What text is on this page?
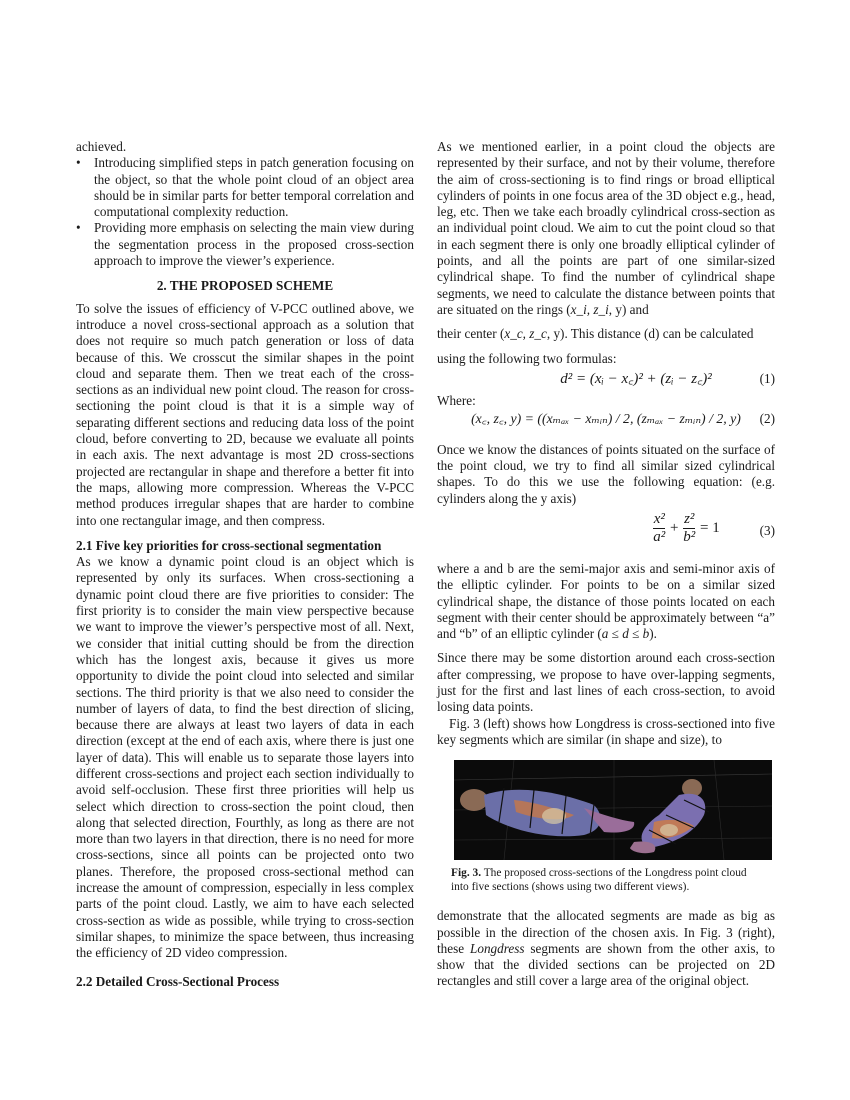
achieved.

• Introducing simplified steps in patch generation focusing on the object, so that the whole point cloud of an object area should be in similar parts for better temporal correlation and computational complexity reduction.
• Providing more emphasis on selecting the main view during the segmentation process in the proposed cross-section approach to improve the viewer’s experience.
2. THE PROPOSED SCHEME

To solve the issues of efficiency of V-PCC outlined above, we introduce a novel cross-sectional approach as a solution that does not require so much patch generation or loss of data because of this. We crosscut the similar shapes in the point cloud and separate them. Then we treat each of the cross-sections as an individual new point cloud. The reason for cross-sectioning the point cloud is that it is a simple way of separating different sections and reducing data loss of the point cloud, before converting to 2D, because we evaluate all points in each axis. The next advantage is most 2D cross-sections projected are rectangular in shape and therefore a better fit into the maps, allowing more compression. Whereas the V-PCC method produces irregular shapes that are harder to combine into one rectangular image, and then compress.

2.1 Five key priorities for cross-sectional segmentation

As we know a dynamic point cloud is an object which is represented by only its surfaces. When cross-sectioning a dynamic point cloud there are five priorities to consider: The first priority is to consider the main view perspective because we want to improve the viewer’s perspective most of all. Next, we consider that initial cutting should be from the direction which has the longest axis, because it gives us more opportunity to divide the point cloud into selected and similar sections. The third priority is that we also need to consider the number of layers of data, to find the best direction of slicing, because there are always at least two layers of data in each direction (except at the end of each axis, where there is just one layer of data). This will enable us to separate those layers into different cross-sections and project each section individually to avoid self-occlusion. These first three priorities will help us select which direction to cross-section the point cloud, then along that selected direction, Fourthly, as long as there are not more than two layers in that direction, there is no need for more cross-sections, since all points can be projected onto two planes. Therefore, the proposed cross-sectional method can increase the amount of compression, especially in less complex parts of the point cloud. Lastly, we aim to have each selected cross-section as wide as possible, while trying to cross-section similar shapes, to minimize the space between, thus increasing the efficiency of 2D video compression.

2.2 Detailed Cross-Sectional Process

As we mentioned earlier, in a point cloud the objects are represented by their surface, and not by their volume, therefore the aim of cross-sectioning is to find rings or broad elliptical cylinders of points in one focus area of the 3D object e.g., head, leg, etc. Then we take each broadly cylindrical cross-section as an individual point cloud. We aim to cut the point cloud so that in each segment there is only one broadly elliptical cylinder of points, and all the points are part of one similar-sized cylindrical shape. To find the number of cylindrical shape segments, we need to calculate the distance between points that are situated on the rings (x_i, z_i, y) and

their center (x_c, z_c, y). This distance (d) can be calculated

using the following two formulas:

d² = (xᵢ − x꜀)² + (zᵢ − z꜀)²	(1)

Where:

(x꜀, z꜀, y) = ((xₘₐₓ − xₘᵢₙ) / 2, (zₘₐₓ − zₘᵢₙ) / 2, y) (2)

Once we know the distances of points situated on the surface of the point cloud, we try to find all similar sized cylindrical shapes. To do this we use the following equation: (e.g. cylinders along the y axis)

$\frac{\text{x²}}{\text{a²}} + \frac{\text{z²}}{\text{b²}} = 1$	(3)

where a and b are the semi-major axis and semi-minor axis of the elliptic cylinder. For points to be on a similar sized cylindrical shape, the distance of those points located on each segment with their center should be approximately between “a” and “b” of an elliptic cylinder (a ≤ d ≤ b).

Since there may be some distortion around each cross-section after compressing, we propose to have over-lapping segments, just for the first and last lines of each cross-section, to avoid losing data points.

Fig. 3 (left) shows how Longdress is cross-sectioned into five key segments which are similar (in shape and size), to

Fig. 3. The proposed cross-sections of the Longdress point cloud into five sections (shows using two different views).

demonstrate that the allocated segments are made as big as possible in the direction of the chosen axis. In Fig. 3 (right), these Longdress segments are shown from the other axis, to show that the divided sections can be projected on 2D rectangles and still cover a large area of the original object.
